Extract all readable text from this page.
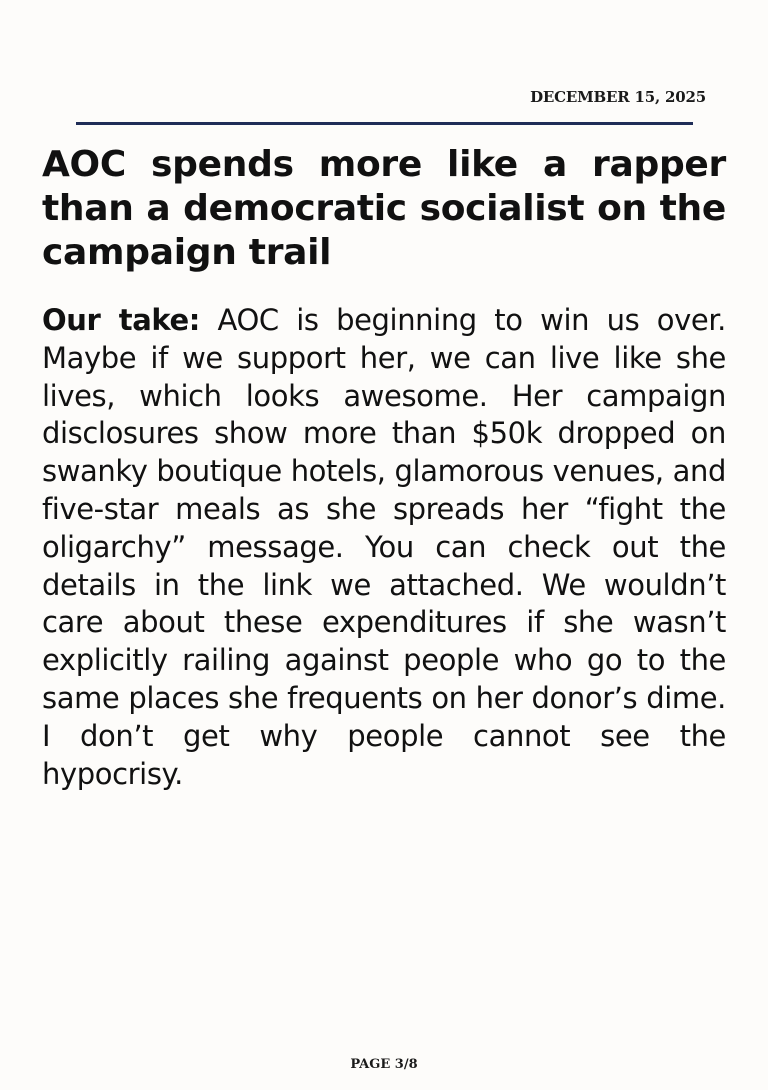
DECEMBER 15, 2025
AOC spends more like a rapper than a democratic socialist on the campaign trail

Our take: AOC is beginning to win us over. Maybe if we support her, we can live like she lives, which looks awesome. Her campaign disclosures show more than $50k dropped on swanky boutique hotels, glamorous venues, and five-star meals as she spreads her “fight the oligarchy” message. You can check out the details in the link we attached. We wouldn’t care about these expenditures if she wasn’t explicitly railing against people who go to the same places she frequents on her donor’s dime. I don’t get why people cannot see the hypocrisy.

PAGE 3/8
